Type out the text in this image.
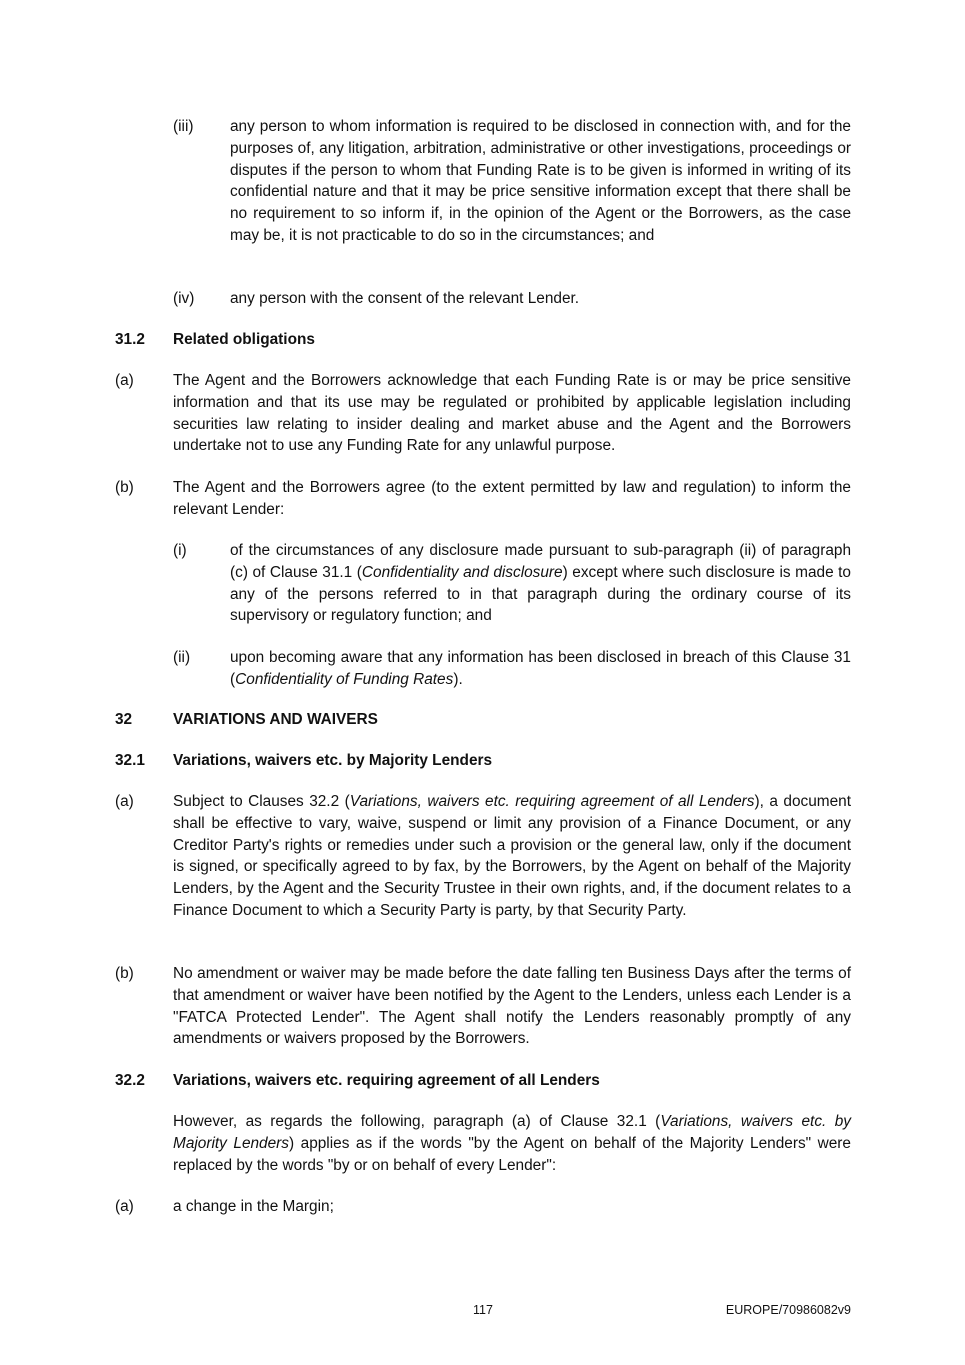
(iii) any person to whom information is required to be disclosed in connection with, and for the purposes of, any litigation, arbitration, administrative or other investigations, proceedings or disputes if the person to whom that Funding Rate is to be given is informed in writing of its confidential nature and that it may be price sensitive information except that there shall be no requirement to so inform if, in the opinion of the Agent or the Borrowers, as the case may be, it is not practicable to do so in the circumstances; and
(iv) any person with the consent of the relevant Lender.
31.2 Related obligations
(a)	The Agent and the Borrowers acknowledge that each Funding Rate is or may be price sensitive information and that its use may be regulated or prohibited by applicable legislation including securities law relating to insider dealing and market abuse and the Agent and the Borrowers undertake not to use any Funding Rate for any unlawful purpose.
(b)	The Agent and the Borrowers agree (to the extent permitted by law and regulation) to inform the relevant Lender:
(i)	of the circumstances of any disclosure made pursuant to sub-paragraph (ii) of paragraph (c) of Clause 31.1 (Confidentiality and disclosure) except where such disclosure is made to any of the persons referred to in that paragraph during the ordinary course of its supervisory or regulatory function; and
(ii)	upon becoming aware that any information has been disclosed in breach of this Clause 31 (Confidentiality of Funding Rates).
32	VARIATIONS AND WAIVERS
32.1 Variations, waivers etc. by Majority Lenders
(a)	Subject to Clauses 32.2 (Variations, waivers etc. requiring agreement of all Lenders), a document shall be effective to vary, waive, suspend or limit any provision of a Finance Document, or any Creditor Party's rights or remedies under such a provision or the general law, only if the document is signed, or specifically agreed to by fax, by the Borrowers, by the Agent on behalf of the Majority Lenders, by the Agent and the Security Trustee in their own rights, and, if the document relates to a Finance Document to which a Security Party is party, by that Security Party.
(b)	No amendment or waiver may be made before the date falling ten Business Days after the terms of that amendment or waiver have been notified by the Agent to the Lenders, unless each Lender is a "FATCA Protected Lender". The Agent shall notify the Lenders reasonably promptly of any amendments or waivers proposed by the Borrowers.
32.2 Variations, waivers etc. requiring agreement of all Lenders
However, as regards the following, paragraph (a) of Clause 32.1 (Variations, waivers etc. by Majority Lenders) applies as if the words "by the Agent on behalf of the Majority Lenders" were replaced by the words "by or on behalf of every Lender":
(a)	a change in the Margin;
117	EUROPE/70986082v9
